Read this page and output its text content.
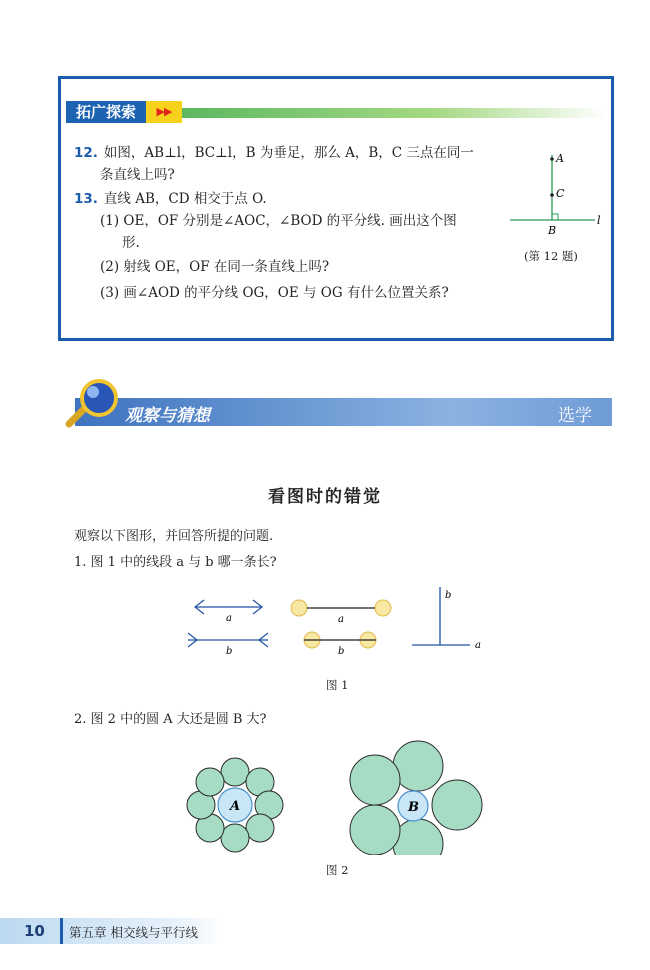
拓广探索	▶▶
12. 如图，AB⊥l，BC⊥l，B 为垂足，那么 A，B，C 三点在同一
条直线上吗?
13. 直线 AB，CD 相交于点 O.
(1) OE，OF 分别是∠AOC，∠BOD 的平分线. 画出这个图
形.
(2) 射线 OE，OF 在同一条直线上吗?
(3) 画∠AOD 的平分线 OG，OE 与 OG 有什么位置关系?
A
C
B
l
(第 12 题)
观察与猜想	选学
看图时的错觉
观察以下图形，并回答所提的问题.
1. 图 1 中的线段 a 与 b 哪一条长?
a
b
a
b
b
a
图 1
2. 图 2 中的圆 A 大还是圆 B 大?
A	B
图 2
10 第五章 相交线与平行线
